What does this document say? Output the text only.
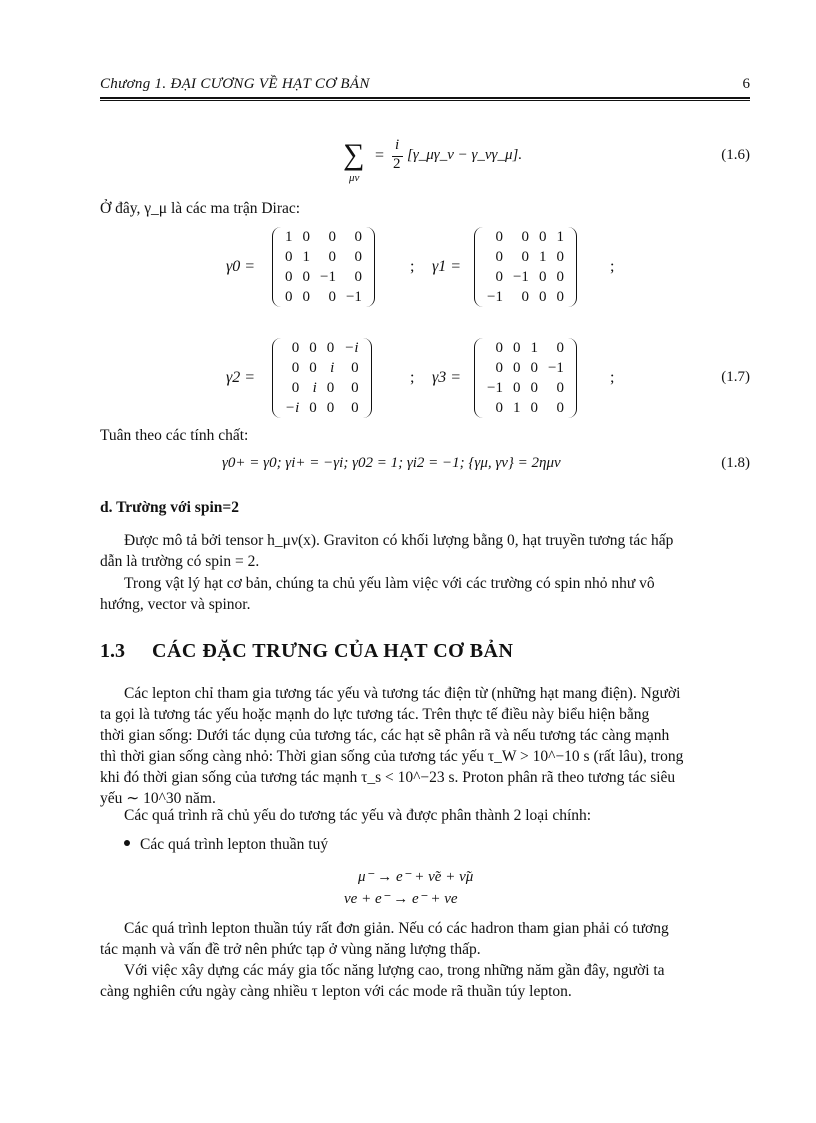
Chương 1. ĐẠI CƯƠNG VỀ HẠT CƠ BẢN	6
∑
μν
=
i
2
[γ_μγ_ν − γ_νγ_μ].	(1.6)
Ở đây, γ_μ là các ma trận Dirac:
γ0 =
1	0	0	0
0	1	0	0
0	0	−1	0
0	0	0	−1
; γ1 =
0	0	0	1
0	0	1	0
0	−1	0	0
−1	0	0	0
;
γ2 =
0	0	0	−i
0	0	i	0
0	i	0	0
−i	0	0	0
; γ3 =
0	0	1	0
0	0	0	−1
−1	0	0	0
0	1	0	0
;	(1.7)
Tuân theo các tính chất:
γ0+ = γ0; γi+ = −γi; γ02 = 1; γi2 = −1; {γμ, γν} = 2ημν	(1.8)
d. Trường với spin=2
Được mô tả bởi tensor h_μν(x). Graviton có khối lượng bằng 0, hạt truyền tương tác hấp
dẫn là trường có spin = 2.
Trong vật lý hạt cơ bản, chúng ta chủ yếu làm việc với các trường có spin nhỏ như vô
hướng, vector và spinor.
1.3 CÁC ĐẶC TRƯNG CỦA HẠT CƠ BẢN
Các lepton chỉ tham gia tương tác yếu và tương tác điện từ (những hạt mang điện). Người
ta gọi là tương tác yếu hoặc mạnh do lực tương tác. Trên thực tế điều này biểu hiện bằng
thời gian sống: Dưới tác dụng của tương tác, các hạt sẽ phân rã và nếu tương tác càng mạnh
thì thời gian sống càng nhỏ: Thời gian sống của tương tác yếu τ_W > 10^−10 s (rất lâu), trong
khi đó thời gian sống của tương tác mạnh τ_s < 10^−23 s. Proton phân rã theo tương tác siêu
yếu ∼ 10^30 năm.
Các quá trình rã chủ yếu do tương tác yếu và được phân thành 2 loại chính:
Các quá trình lepton thuần tuý
μ⁻ → e⁻ + ν̃e + ν̃μ
νe + e⁻ → e⁻ + νe
Các quá trình lepton thuần túy rất đơn giản. Nếu có các hadron tham gian phải có tương
tác mạnh và vấn đề trở nên phức tạp ở vùng năng lượng thấp.
Với việc xây dựng các máy gia tốc năng lượng cao, trong những năm gần đây, người ta
càng nghiên cứu ngày càng nhiều τ lepton với các mode rã thuần túy lepton.
